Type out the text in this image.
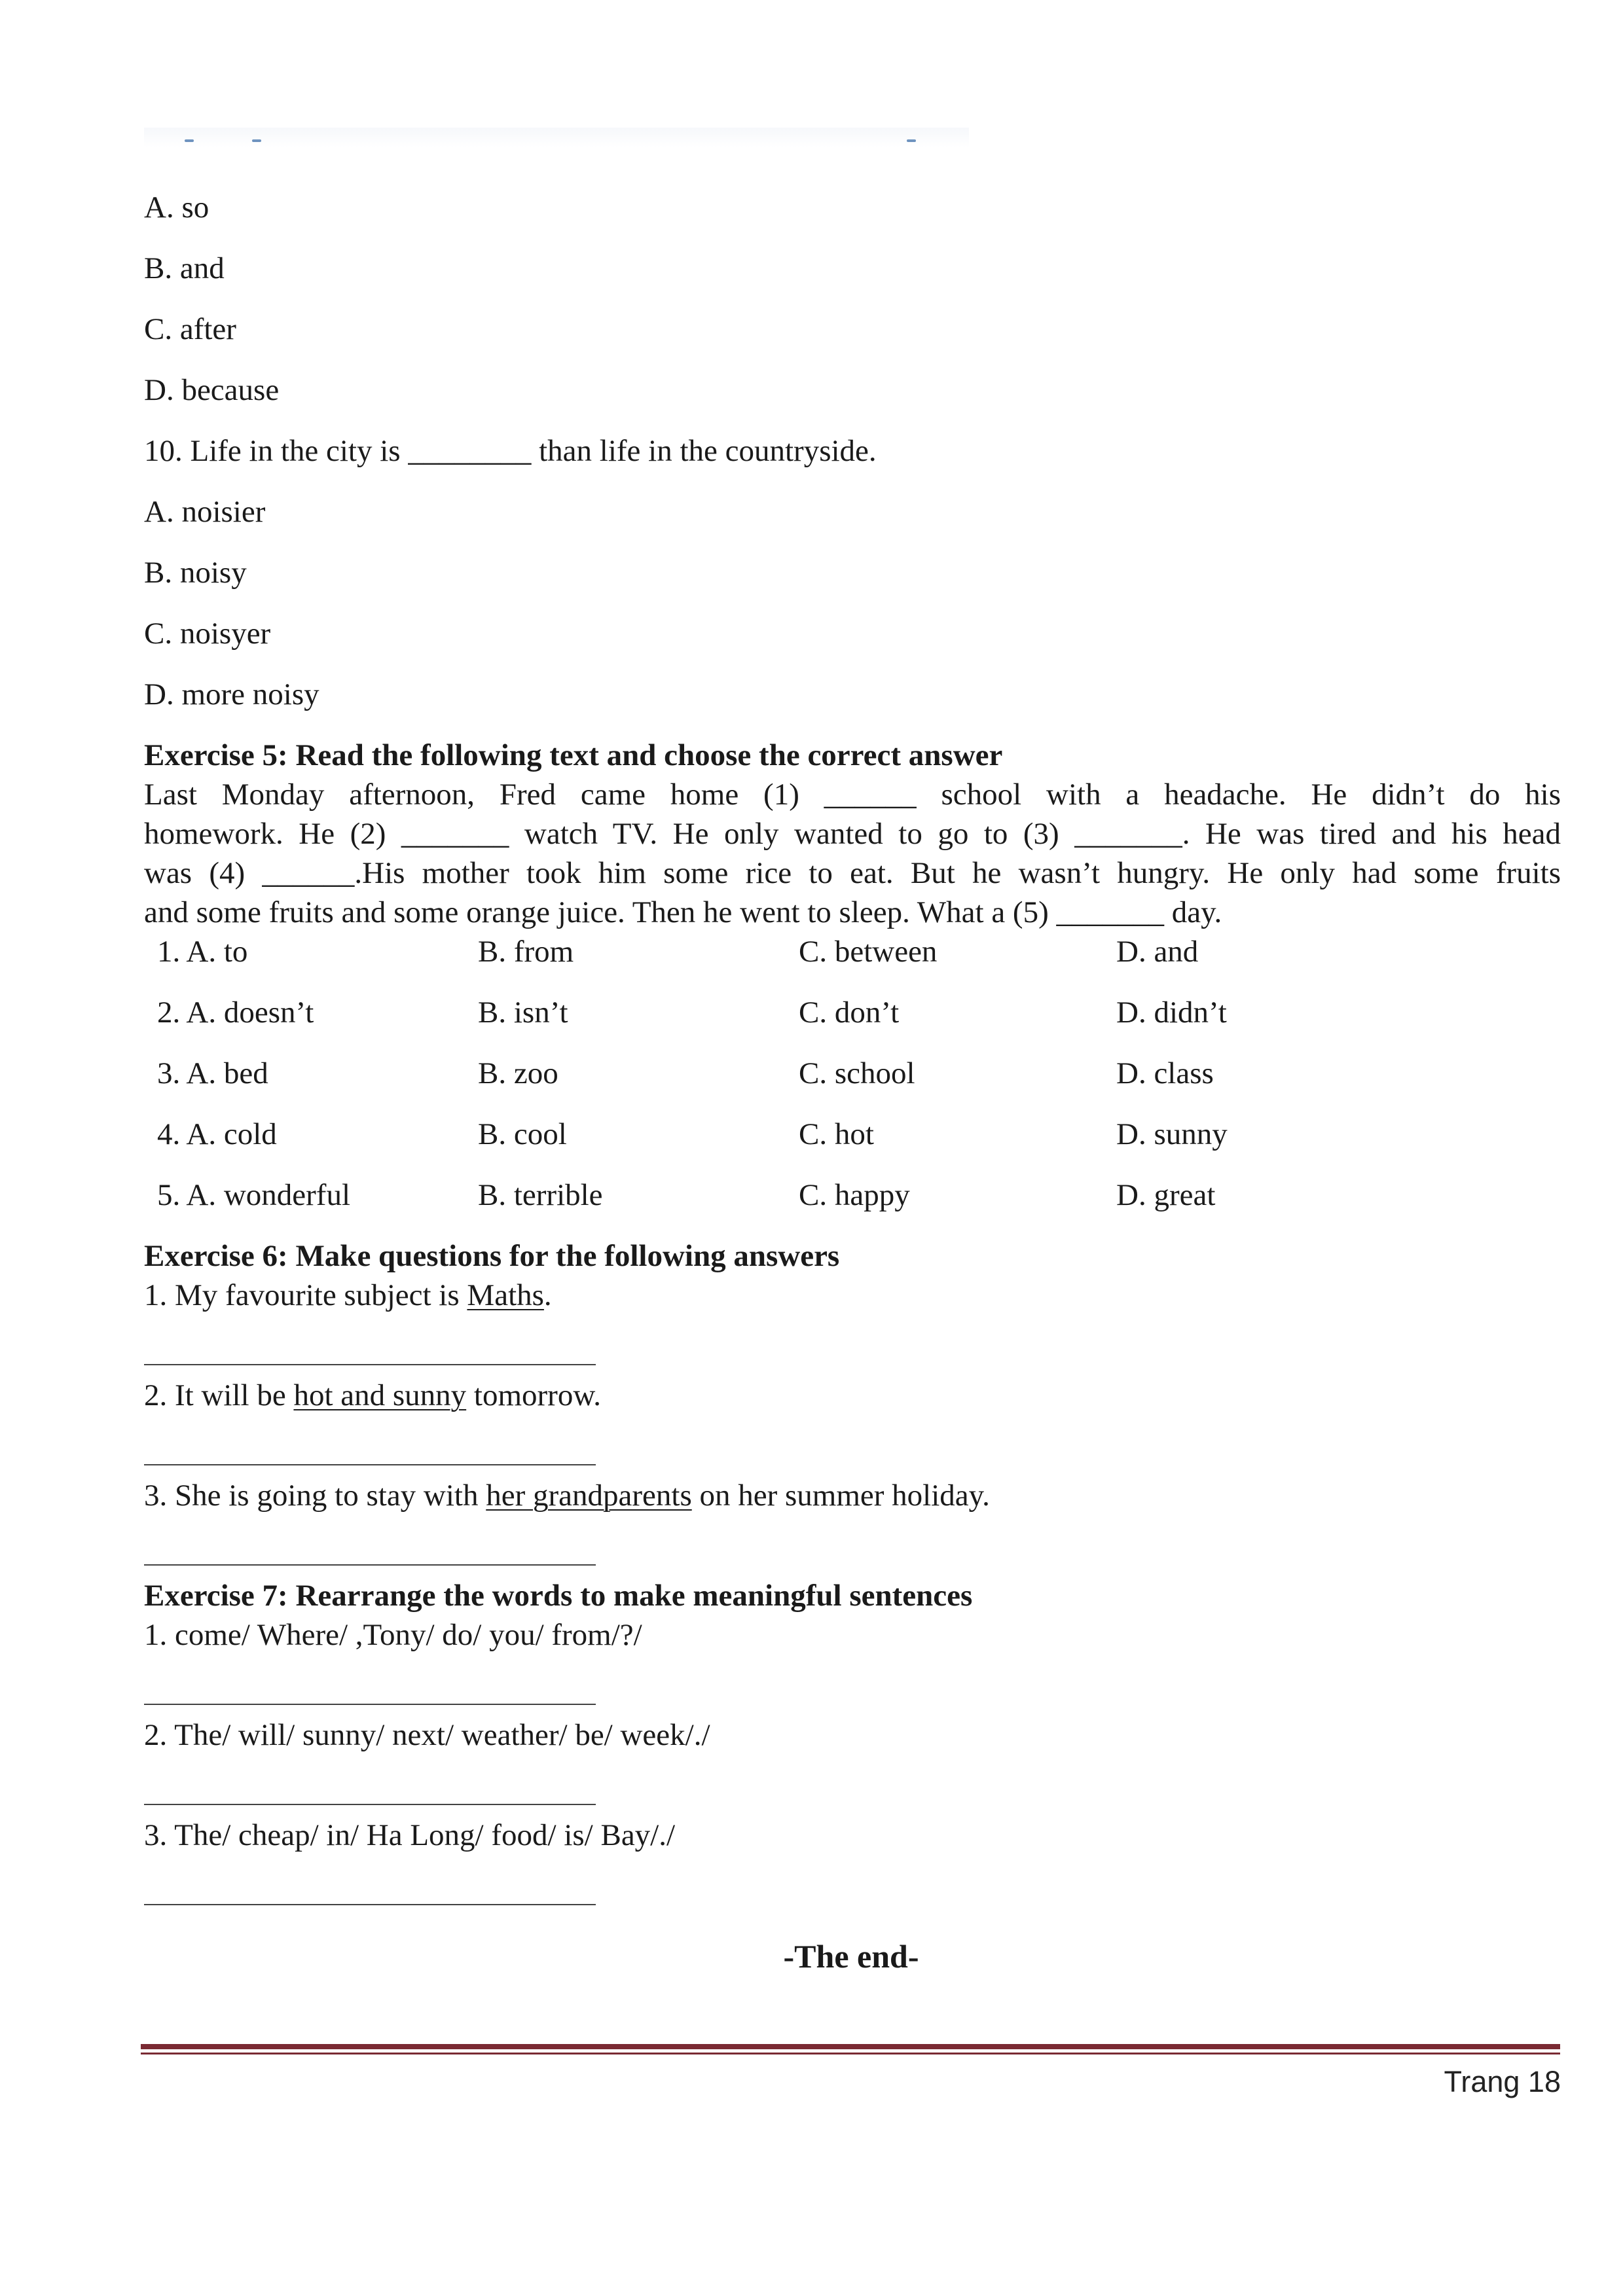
A. so
B. and
C. after
D. because
10. Life in the city is ________ than life in the countryside.
A. noisier
B. noisy
C. noisyer
D. more noisy
Exercise 5: Read the following text and choose the correct answer
Last Monday afternoon, Fred came home (1) ______ school with a headache. He didn’t do his
homework. He (2) _______ watch TV. He only wanted to go to (3) _______. He was tired and his head
was (4) ______.His mother took him some rice to eat. But he wasn’t hungry. He only had some fruits
and some fruits and some orange juice. Then he went to sleep. What a (5) _______ day.
1. A. to	B. from	C. between	D. and
2. A. doesn’t	B. isn’t	C. don’t	D. didn’t
3. A. bed	B. zoo	C. school	D. class
4. A. cold	B. cool	C. hot	D. sunny
5. A. wonderful	B. terrible	C. happy	D. great
Exercise 6: Make questions for the following answers
1. My favourite subject is Maths.
2. It will be hot and sunny tomorrow.
3. She is going to stay with her grandparents on her summer holiday.
Exercise 7: Rearrange the words to make meaningful sentences
1. come/ Where/ ,Tony/ do/ you/ from/?/
2. The/ will/ sunny/ next/ weather/ be/ week/./
3. The/ cheap/ in/ Ha Long/ food/ is/ Bay/./
-The end-
Trang 18
